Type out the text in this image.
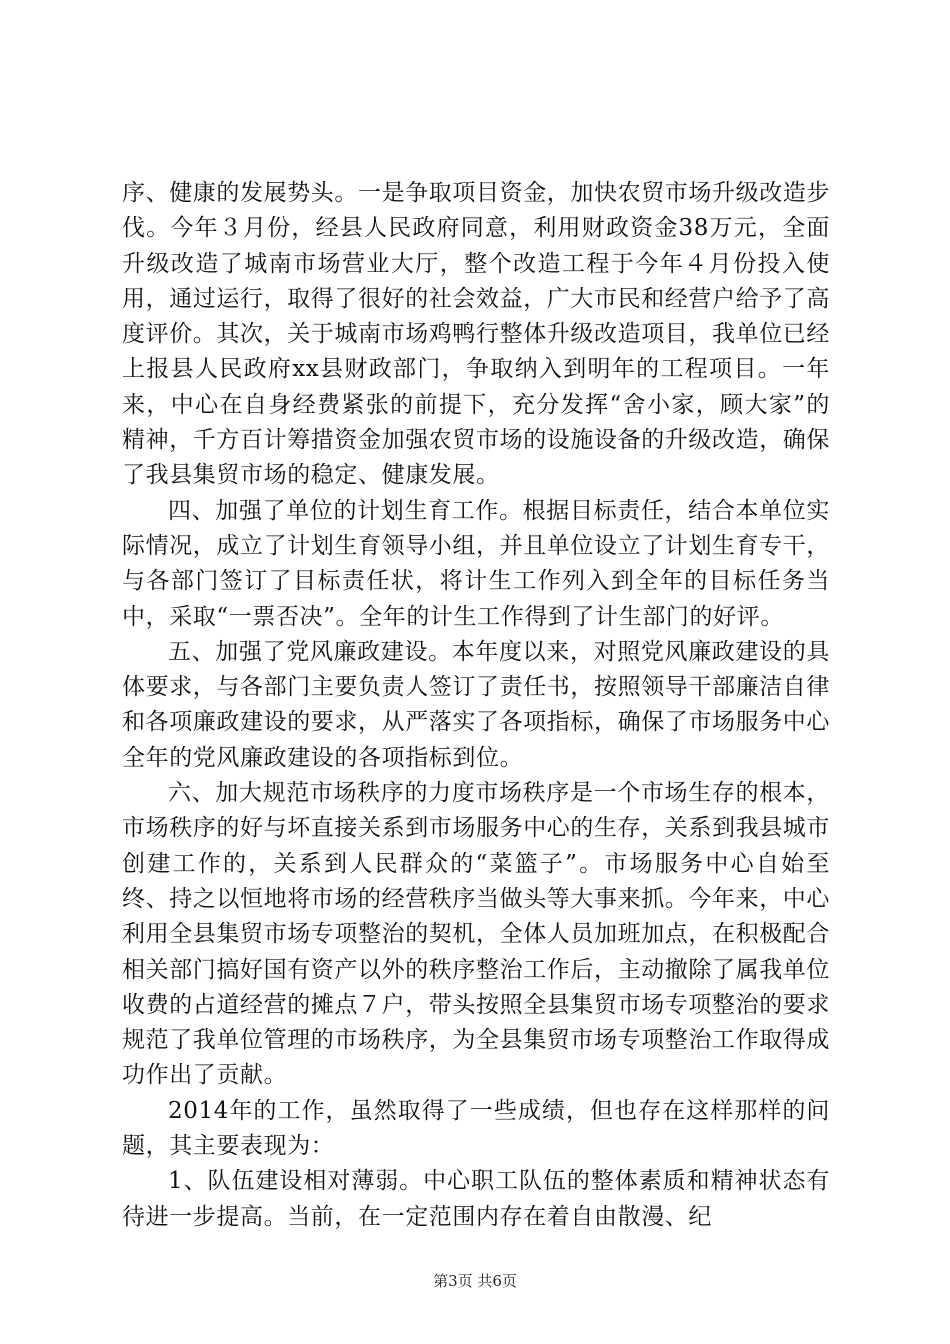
序、健康的发展势头。一是争取项目资金，加快农贸市场升级改造步伐。今年３月份，经县人民政府同意，利用财政资金38万元，全面升级改造了城南市场营业大厅，整个改造工程于今年４月份投入使用，通过运行，取得了很好的社会效益，广大市民和经营户给予了高度评价。其次，关于城南市场鸡鸭行整体升级改造项目，我单位已经上报县人民政府xx县财政部门，争取纳入到明年的工程项目。一年来，中心在自身经费紧张的前提下，充分发挥“舍小家，顾大家”的精神，千方百计筹措资金加强农贸市场的设施设备的升级改造，确保了我县集贸市场的稳定、健康发展。

四、加强了单位的计划生育工作。根据目标责任，结合本单位实际情况，成立了计划生育领导小组，并且单位设立了计划生育专干，与各部门签订了目标责任状，将计生工作列入到全年的目标任务当中，采取“一票否决”。全年的计生工作得到了计生部门的好评。

五、加强了党风廉政建设。本年度以来，对照党风廉政建设的具体要求，与各部门主要负责人签订了责任书，按照领导干部廉洁自律和各项廉政建设的要求，从严落实了各项指标，确保了市场服务中心全年的党风廉政建设的各项指标到位。

六、加大规范市场秩序的力度市场秩序是一个市场生存的根本，市场秩序的好与坏直接关系到市场服务中心的生存，关系到我县城市创建工作的，关系到人民群众的“菜篮子”。市场服务中心自始至终、持之以恒地将市场的经营秩序当做头等大事来抓。今年来，中心利用全县集贸市场专项整治的契机，全体人员加班加点，在积极配合相关部门搞好国有资产以外的秩序整治工作后，主动撤除了属我单位收费的占道经营的摊点７户，带头按照全县集贸市场专项整治的要求规范了我单位管理的市场秩序，为全县集贸市场专项整治工作取得成功作出了贡献。

2014年的工作，虽然取得了一些成绩，但也存在这样那样的问题，其主要表现为：

1、队伍建设相对薄弱。中心职工队伍的整体素质和精神状态有待进一步提高。当前，在一定范围内存在着自由散漫、纪

第3页 共6页
